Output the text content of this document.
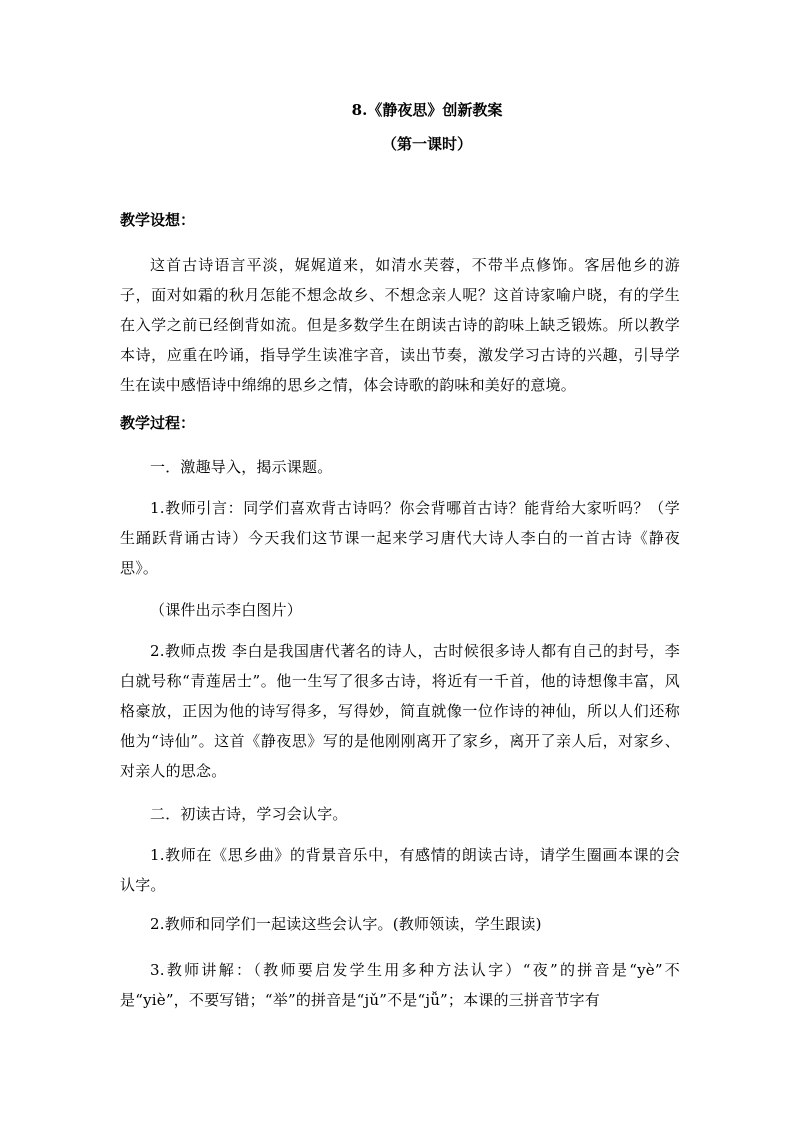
8.《静夜思》创新教案
（第一课时）
教学设想：
这首古诗语言平淡，娓娓道来，如清水芙蓉，不带半点修饰。客居他乡的游子，面对如霜的秋月怎能不想念故乡、不想念亲人呢？这首诗家喻户晓，有的学生在入学之前已经倒背如流。但是多数学生在朗读古诗的韵味上缺乏锻炼。所以教学本诗，应重在吟诵，指导学生读准字音，读出节奏，激发学习古诗的兴趣，引导学生在读中感悟诗中绵绵的思乡之情，体会诗歌的韵味和美好的意境。
教学过程：
一．激趣导入，揭示课题。
1.教师引言：同学们喜欢背古诗吗？你会背哪首古诗？能背给大家听吗？（学生踊跃背诵古诗）今天我们这节课一起来学习唐代大诗人李白的一首古诗《静夜思》。
（课件出示李白图片）
2.教师点拨 李白是我国唐代著名的诗人，古时候很多诗人都有自己的封号，李白就号称“青莲居士”。他一生写了很多古诗，将近有一千首，他的诗想像丰富，风格豪放，正因为他的诗写得多，写得妙，简直就像一位作诗的神仙，所以人们还称他为“诗仙”。这首《静夜思》写的是他刚刚离开了家乡，离开了亲人后，对家乡、对亲人的思念。
二．初读古诗，学习会认字。
1.教师在《思乡曲》的背景音乐中，有感情的朗读古诗，请学生圈画本课的会认字。
2.教师和同学们一起读这些会认字。(教师领读，学生跟读)
3.教师讲解：（教师要启发学生用多种方法认字）“夜”的拼音是“yè”不是“yiè”，不要写错；“举”的拼音是“jǔ”不是“jǚ”；本课的三拼音节字有
